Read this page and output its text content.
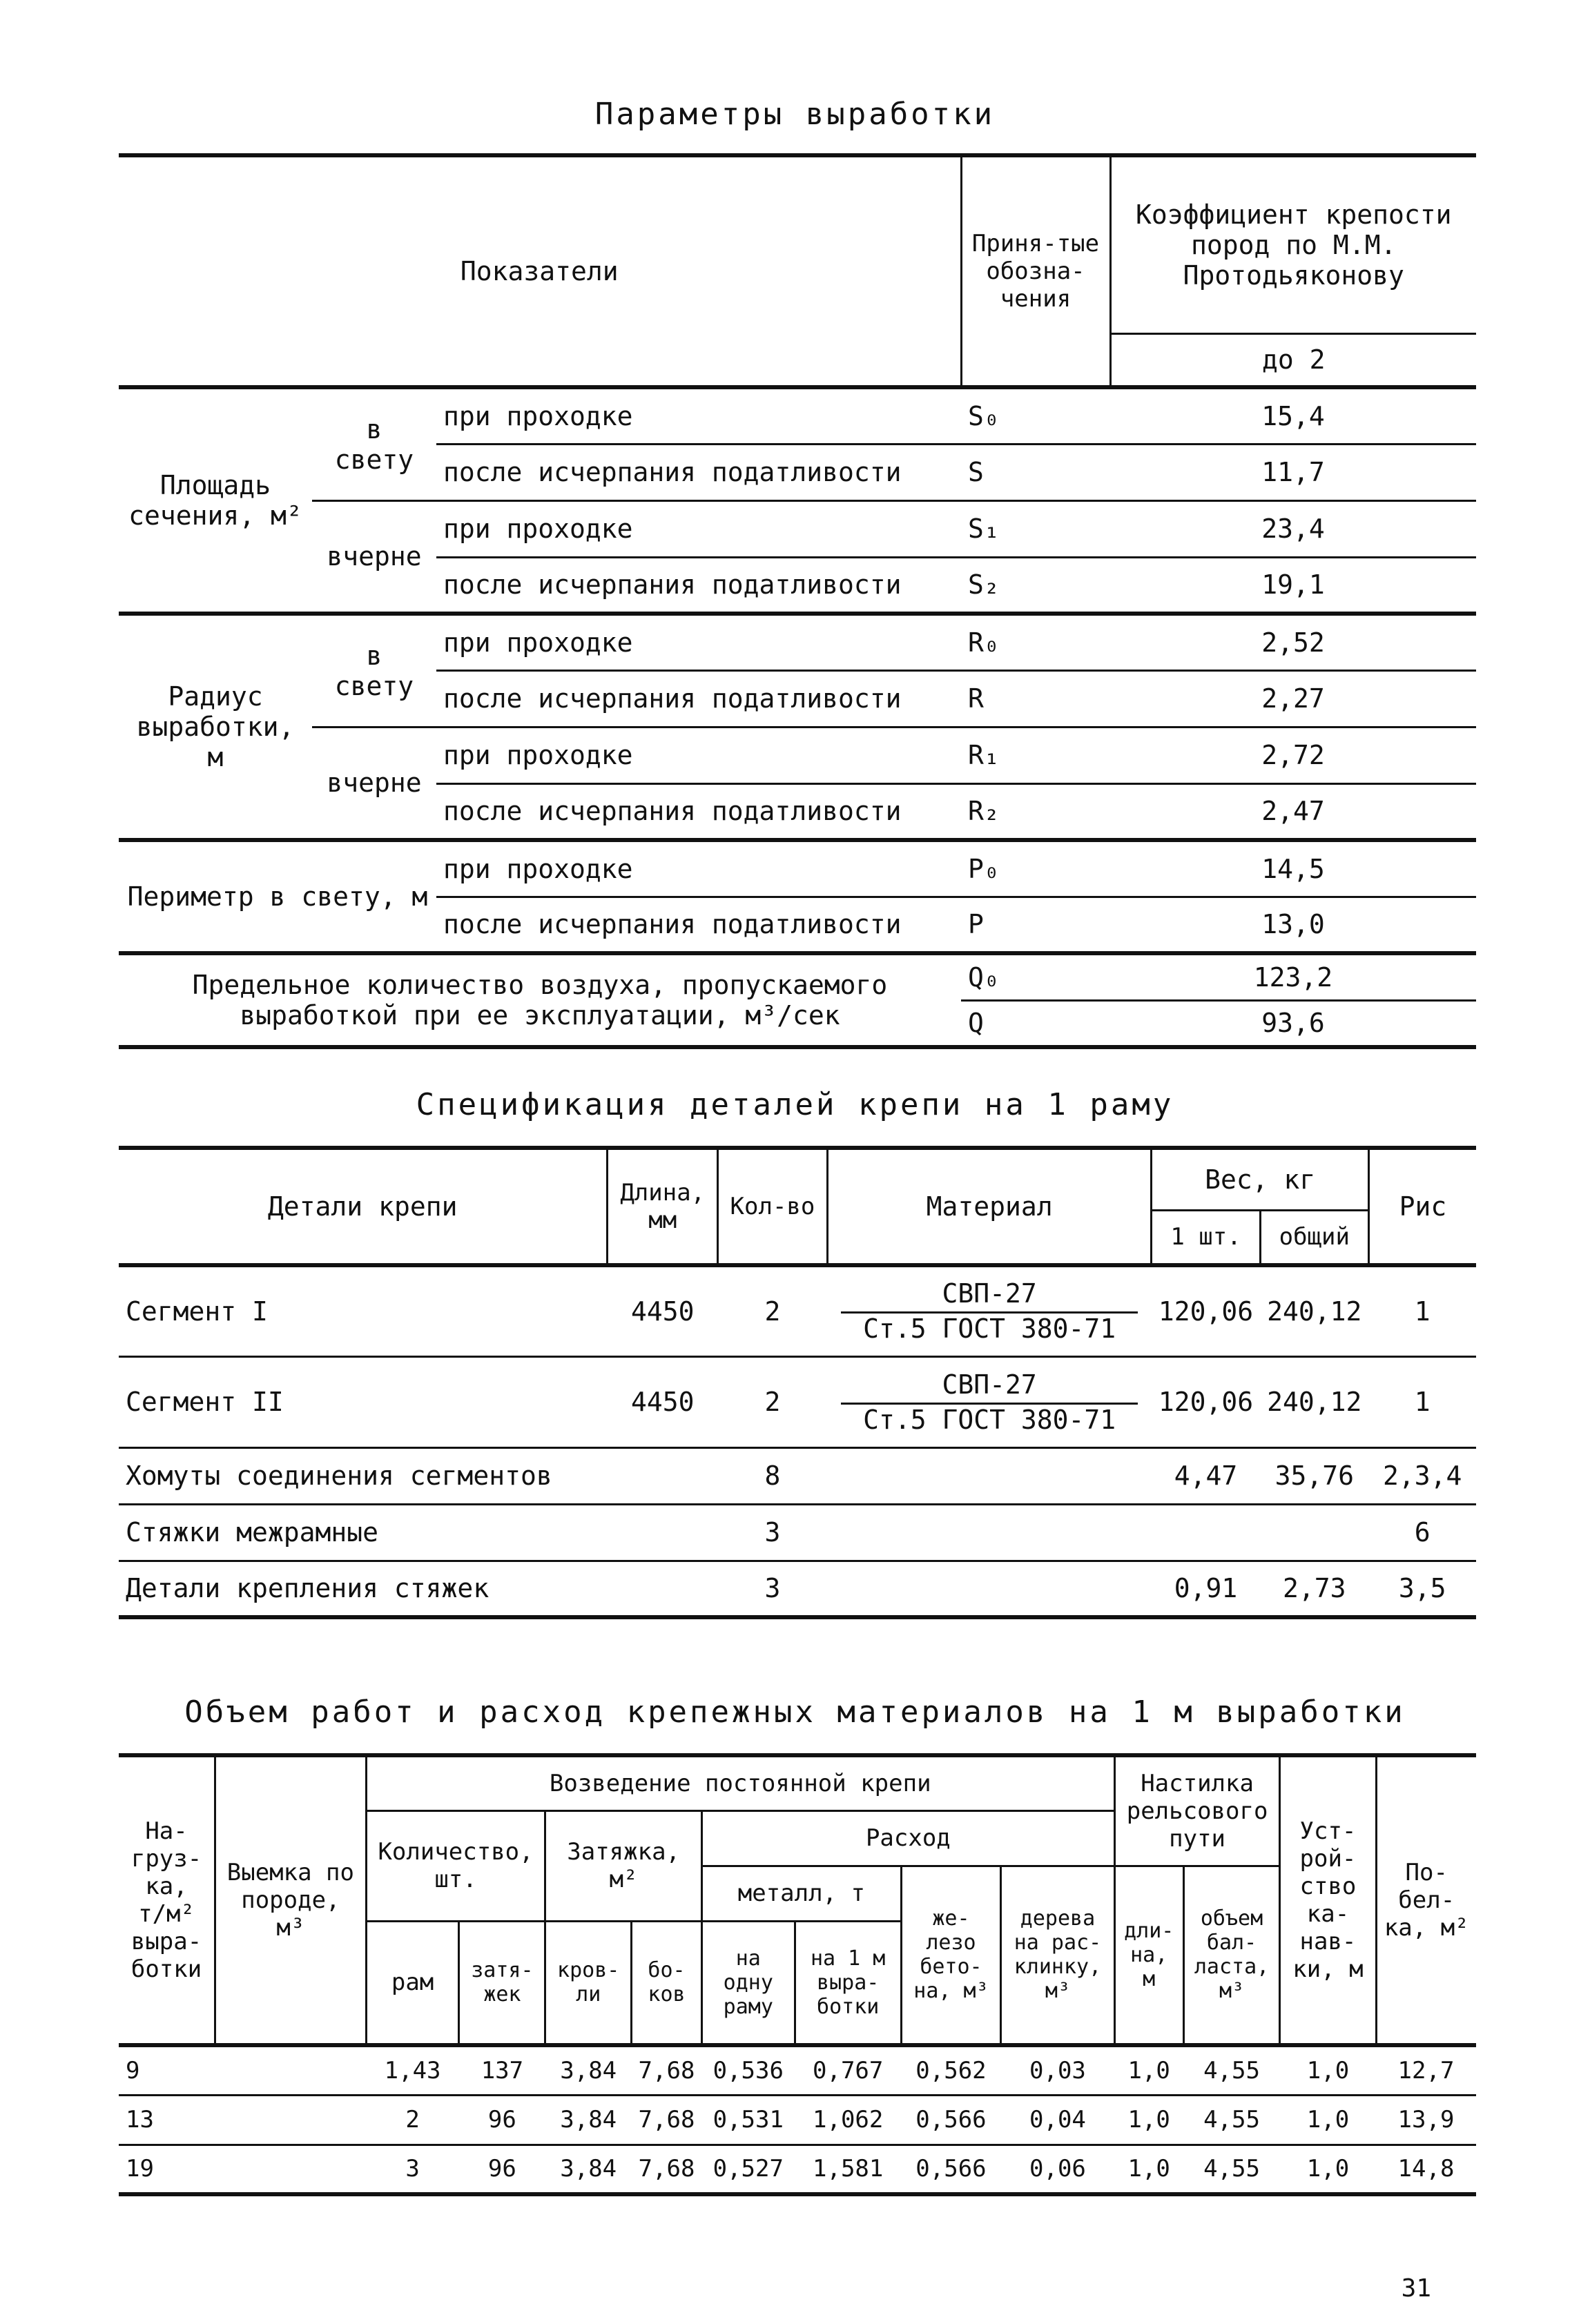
Параметры выработки
Показатели			Приня-тые обозна-чения	Коэффициент крепости пород по М.М. Протодьяконову
				до 2
Площадь сечения, м²	в свету	при проходке	S₀	15,4
		после исчерпания податливости	S	11,7
	вчерне	при проходке	S₁	23,4
		после исчерпания податливости	S₂	19,1
Радиус выработки, м	в свету	при проходке	R₀	2,52
		после исчерпания податливости	R	2,27
	вчерне	при проходке	R₁	2,72
		после исчерпания податливости	R₂	2,47
Периметр в свету, м		при проходке	P₀	14,5
		после исчерпания податливости	P	13,0
Предельное количество воздуха, пропускаемого выработкой при ее эксплуатации, м³/сек			Q₀	123,2
			Q	93,6
Спецификация деталей крепи на 1 раму
Детали крепи	Длина, мм	Кол-во	Материал	Вес, кг		Рис
				1 шт.	общий	
Сегмент I	4450	2	$\frac{\text{СВП-27}}{\text{Ст.5 ГОСТ 380-71}}$	120,06	240,12	1
Сегмент II	4450	2	$\frac{\text{СВП-27}}{\text{Ст.5 ГОСТ 380-71}}$	120,06	240,12	1
Хомуты соединения сегментов		8		4,47	35,76	2,3,4
Стяжки межрамные		3				6
Детали крепления стяжек		3		0,91	2,73	3,5
Объем работ и расход крепежных материалов на 1 м выработки
На-груз-ка, т/м² выра-ботки	Выемка по породе, м³	Возведение постоянной крепи								Настилка рельсового пути		Уст-рой-ство ка-нав-ки, м	По-бел-ка, м²
		Количество, шт.		Затяжка, м²		Расход							
						металл, т		же-лезо бето-на, м³	дерева на рас-клинку, м³	дли-на, м	объем бал-ласта, м³		
		рам	затя-жек	кров-ли	бо-ков	на одну раму	на 1 м выра-ботки						
9		1,43	137	3,84	7,68	0,536	0,767	0,562	0,03	1,0	4,55	1,0	12,7
13		2	96	3,84	7,68	0,531	1,062	0,566	0,04	1,0	4,55	1,0	13,9
19		3	96	3,84	7,68	0,527	1,581	0,566	0,06	1,0	4,55	1,0	14,8
31
